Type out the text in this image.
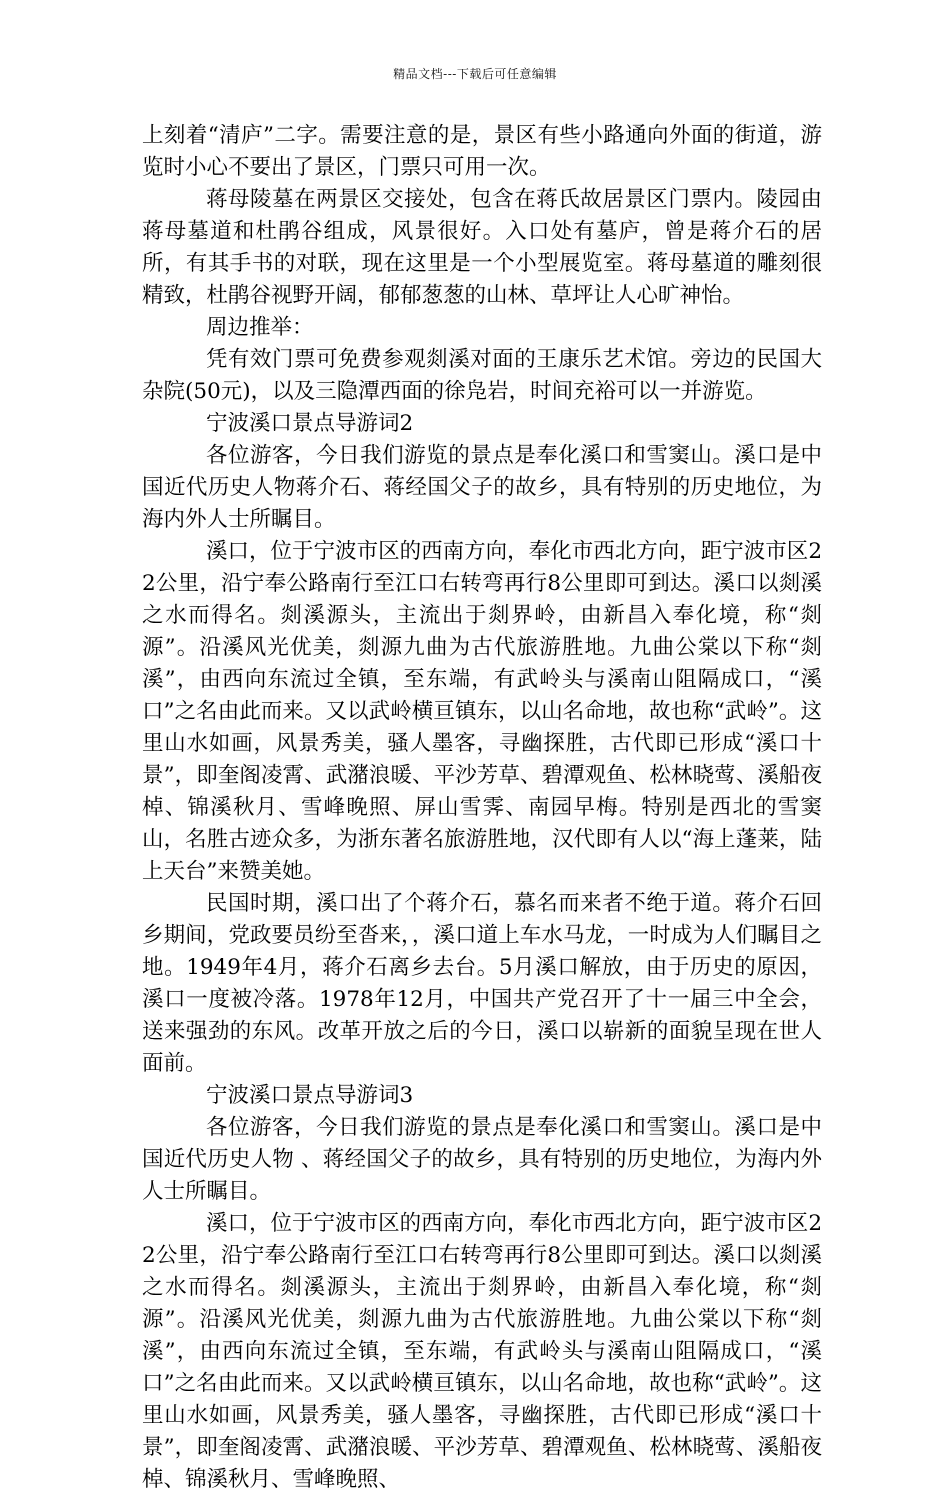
精品文档---下载后可任意编辑

上刻着“清庐”二字。需要注意的是，景区有些小路通向外面的街道，游览时小心不要出了景区，门票只可用一次。

蒋母陵墓在两景区交接处，包含在蒋氏故居景区门票内。陵园由蒋母墓道和杜鹃谷组成，风景很好。入口处有墓庐，曾是蒋介石的居所，有其手书的对联，现在这里是一个小型展览室。蒋母墓道的雕刻很精致，杜鹃谷视野开阔，郁郁葱葱的山林、草坪让人心旷神怡。

周边推举：

凭有效门票可免费参观剡溪对面的王康乐艺术馆。旁边的民国大杂院(50元)，以及三隐潭西面的徐凫岩，时间充裕可以一并游览。

宁波溪口景点导游词2

各位游客，今日我们游览的景点是奉化溪口和雪窦山。溪口是中国近代历史人物蒋介石、蒋经国父子的故乡，具有特别的历史地位，为海内外人士所瞩目。

溪口，位于宁波市区的西南方向，奉化市西北方向，距宁波市区22公里，沿宁奉公路南行至江口右转弯再行8公里即可到达。溪口以剡溪之水而得名。剡溪源头，主流出于剡界岭，由新昌入奉化境，称“剡源”。沿溪风光优美，剡源九曲为古代旅游胜地。九曲公棠以下称“剡溪”，由西向东流过全镇，至东端，有武岭头与溪南山阻隔成口，“溪口”之名由此而来。又以武岭横亘镇东，以山名命地，故也称“武岭”。这里山水如画，风景秀美，骚人墨客，寻幽探胜，古代即已形成“溪口十景”，即奎阁凌霄、武潴浪暖、平沙芳草、碧潭观鱼、松林晓莺、溪船夜棹、锦溪秋月、雪峰晚照、屏山雪霁、南园早梅。特别是西北的雪窦山，名胜古迹众多，为浙东著名旅游胜地，汉代即有人以“海上蓬莱，陆上天台”来赞美她。

民国时期，溪口出了个蒋介石，慕名而来者不绝于道。蒋介石回乡期间，党政要员纷至沓来，，溪口道上车水马龙，一时成为人们瞩目之地。1949年4月，蒋介石离乡去台。5月溪口解放，由于历史的原因，溪口一度被冷落。1978年12月，中国共产党召开了十一届三中全会，送来强劲的东风。改革开放之后的今日，溪口以崭新的面貌呈现在世人面前。

宁波溪口景点导游词3

各位游客，今日我们游览的景点是奉化溪口和雪窦山。溪口是中国近代历史人物 、蒋经国父子的故乡，具有特别的历史地位，为海内外人士所瞩目。

溪口，位于宁波市区的西南方向，奉化市西北方向，距宁波市区22公里，沿宁奉公路南行至江口右转弯再行8公里即可到达。溪口以剡溪之水而得名。剡溪源头，主流出于剡界岭，由新昌入奉化境，称“剡源”。沿溪风光优美，剡源九曲为古代旅游胜地。九曲公棠以下称“剡溪”，由西向东流过全镇，至东端，有武岭头与溪南山阻隔成口，“溪口”之名由此而来。又以武岭横亘镇东，以山名命地，故也称“武岭”。这里山水如画，风景秀美，骚人墨客，寻幽探胜，古代即已形成“溪口十景”，即奎阁凌霄、武潴浪暖、平沙芳草、碧潭观鱼、松林晓莺、溪船夜棹、锦溪秋月、雪峰晚照、
